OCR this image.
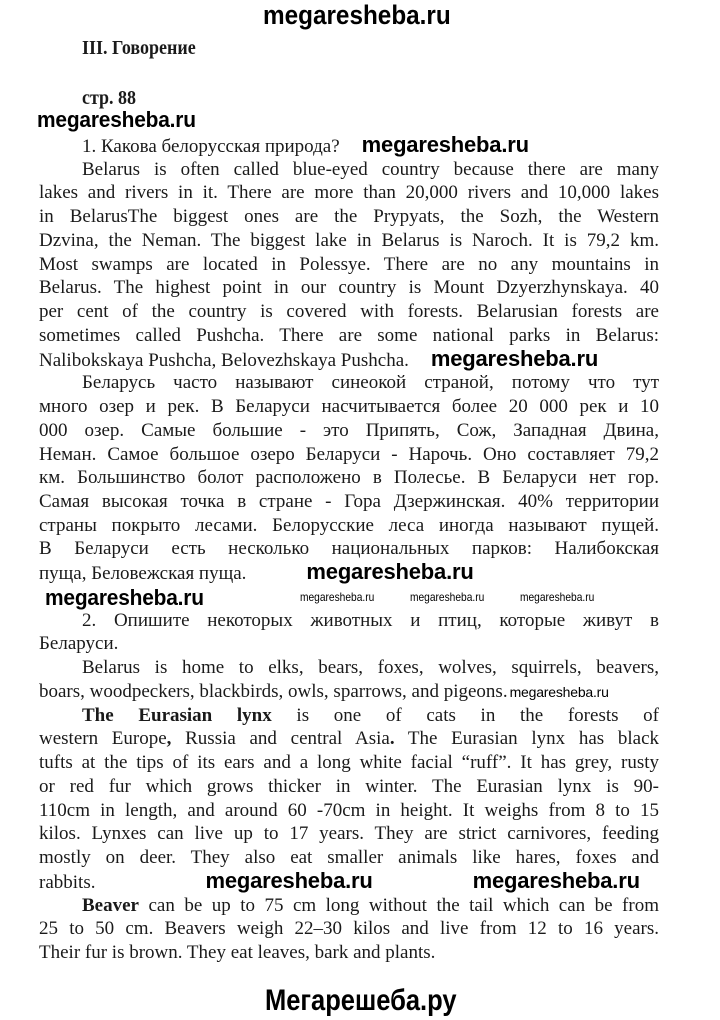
III. Говорение
стр. 88
1. Какова белорусская природа? megaresheba.ru
Belarus is often called blue-eyed country because there are many
lakes and rivers in it. There are more than 20,000 rivers and 10,000 lakes
in BelarusThe biggest ones are the Prypyats, the Sozh, the Western
Dzvina, the Neman. The biggest lake in Belarus is Naroch. It is 79,2 km.
Most swamps are located in Polessye. There are no any mountains in
Belarus. The highest point in our country is Mount Dzyerzhynskaya. 40
per cent of the country is covered with forests. Belarusian forests are
sometimes called Pushcha. There are some national parks in Belarus:
Nalibokskaya Pushcha, Belovezhskaya Pushcha. megaresheba.ru
Беларусь часто называют синеокой страной, потому что тут
много озер и рек. В Беларуси насчитывается более 20 000 рек и 10
000 озер. Самые большие - это Припять, Сож, Западная Двина,
Неман. Самое большое озеро Беларуси - Нарочь. Оно составляет 79,2
км. Большинство болот расположено в Полесье. В Беларуси нет гор.
Самая высокая точка в стране - Гора Дзержинская. 40% территории
страны покрыто лесами. Белорусские леса иногда называют пущей.
В Беларуси есть несколько национальных парков: Налибокская
пуща, Беловежская пуща.	megaresheba.ru
2. Опишите некоторых животных и птиц, которые живут в
Беларуси.
Belarus is home to elks, bears, foxes, wolves, squirrels, beavers,
boars, woodpeckers, blackbirds, owls, sparrows, and pigeons. megaresheba.ru
The Eurasian lynx is one of cats in the forests of
western Europe, Russia and central Asia. The Eurasian lynx has black
tufts at the tips of its ears and a long white facial “ruff”. It has grey, rusty
or red fur which grows thicker in winter. The Eurasian lynx is 90-
110cm in length, and around 60 -70cm in height. It weighs from 8 to 15
kilos. Lynxes can live up to 17 years. They are strict carnivores, feeding
mostly on deer. They also eat smaller animals like hares, foxes and
rabbits.	megaresheba.ru	megaresheba.ru
Beaver can be up to 75 cm long without the tail which can be from
25 to 50 cm. Beavers weigh 22–30 kilos and live from 12 to 16 years.
Their fur is brown. They eat leaves, bark and plants.
megaresheba.ru
megaresheba.ru
megaresheba.ru	megaresheba.ru	megaresheba.ru
megaresheba.ru
Мегарешеба.ру
